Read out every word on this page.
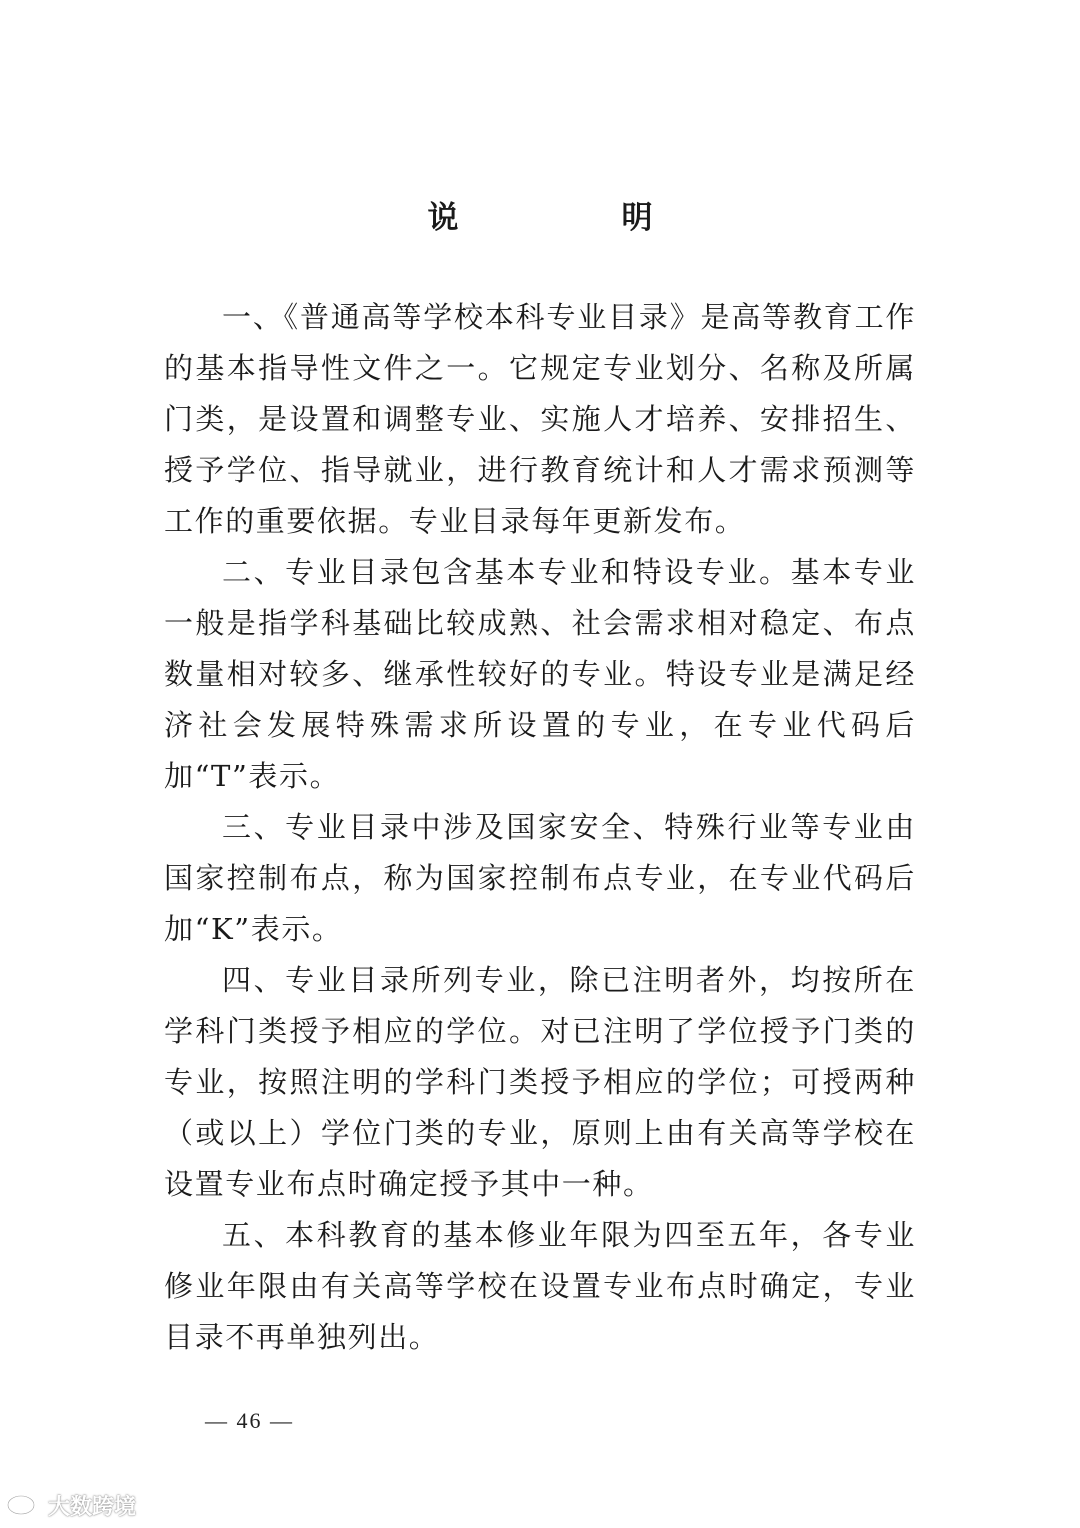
说　明

一、《普通高等学校本科专业目录》是高等教育工作的基本指导性文件之一。它规定专业划分、名称及所属门类，是设置和调整专业、实施人才培养、安排招生、授予学位、指导就业，进行教育统计和人才需求预测等工作的重要依据。专业目录每年更新发布。

二、专业目录包含基本专业和特设专业。基本专业一般是指学科基础比较成熟、社会需求相对稳定、布点数量相对较多、继承性较好的专业。特设专业是满足经济社会发展特殊需求所设置的专业，在专业代码后加“T”表示。

三、专业目录中涉及国家安全、特殊行业等专业由国家控制布点，称为国家控制布点专业，在专业代码后加“K”表示。

四、专业目录所列专业，除已注明者外，均按所在学科门类授予相应的学位。对已注明了学位授予门类的专业，按照注明的学科门类授予相应的学位；可授两种（或以上）学位门类的专业，原则上由有关高等学校在设置专业布点时确定授予其中一种。

五、本科教育的基本修业年限为四至五年，各专业修业年限由有关高等学校在设置专业布点时确定，专业目录不再单独列出。

— 46 —
大数跨境
